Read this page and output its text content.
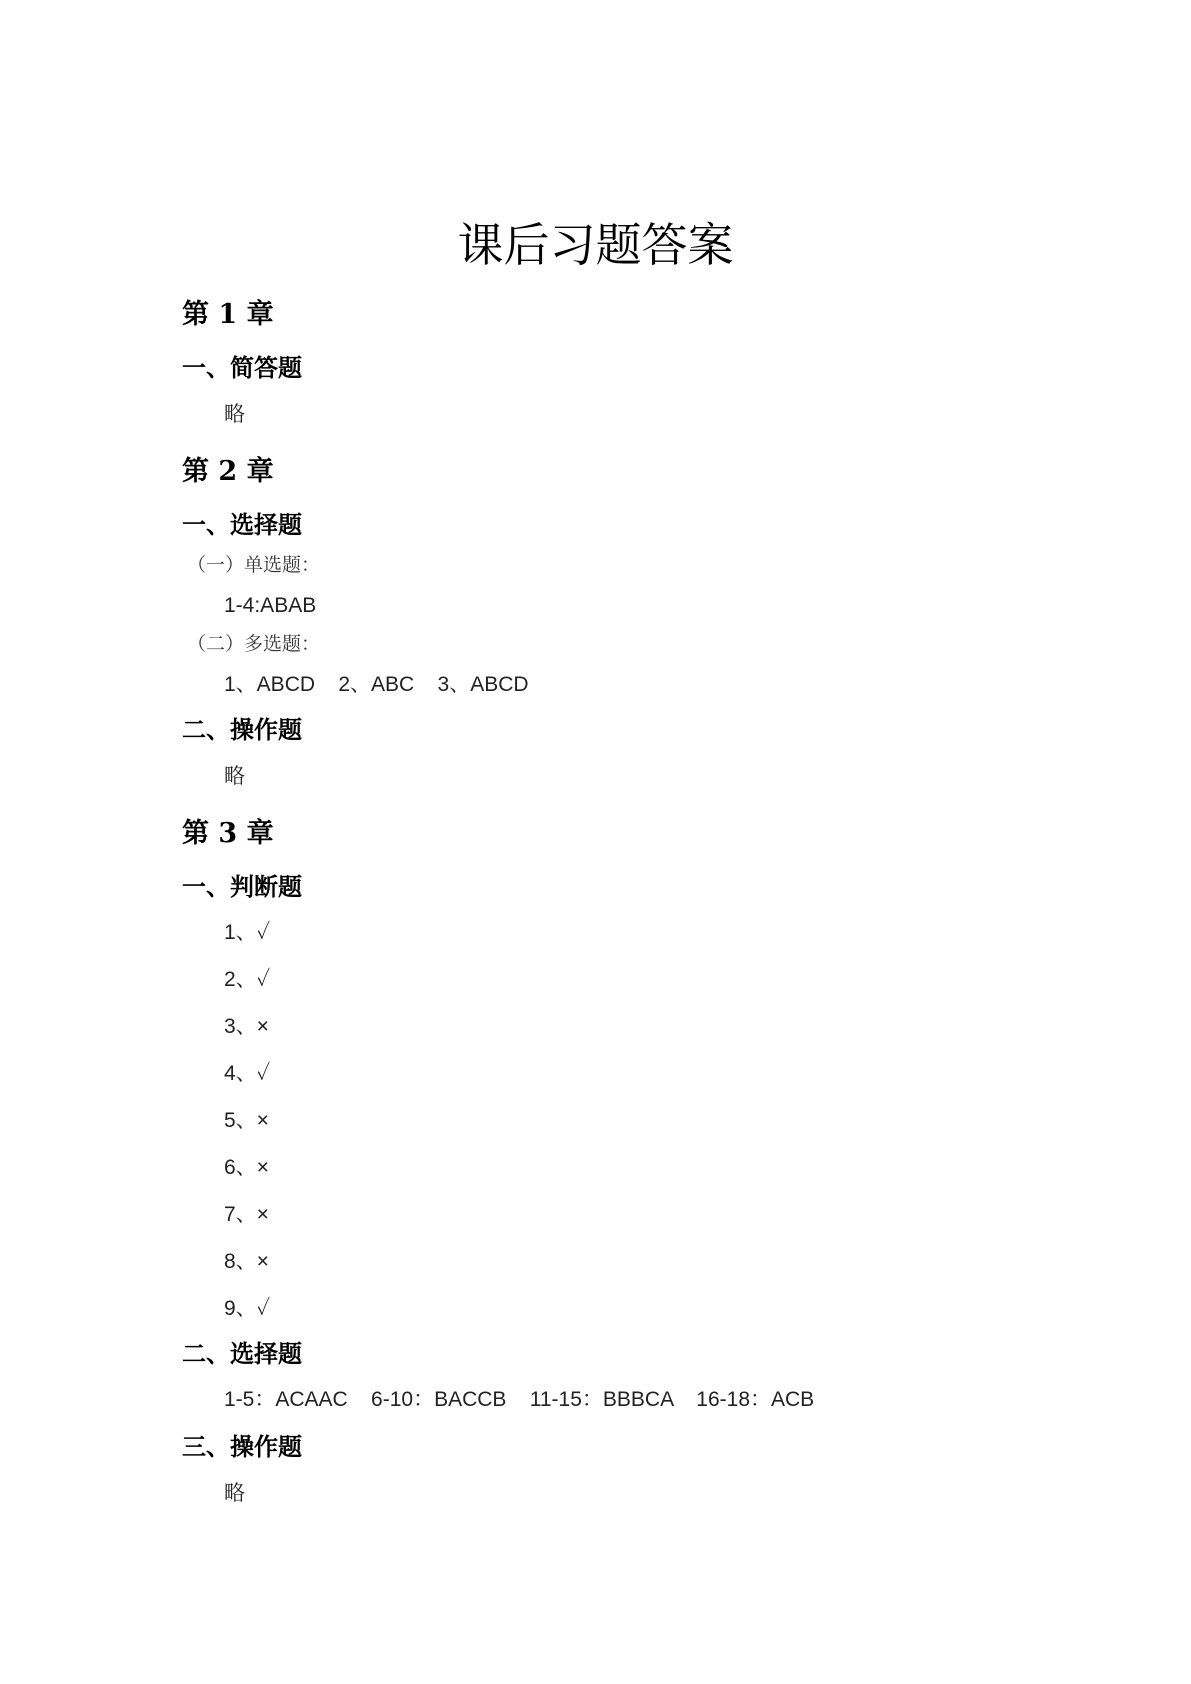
课后习题答案
第 1 章
一、简答题
略
第 2 章
一、选择题
（一）单选题：
1-4:ABAB
（二）多选题：
1、ABCD    2、ABC    3、ABCD
二、操作题
略
第 3 章
一、判断题
1、✓
2、✓
3、×
4、✓
5、×
6、×
7、×
8、×
9、✓
二、选择题
1-5：ACAAC    6-10：BACCB    11-15：BBBCA    16-18：ACB
三、操作题
略
